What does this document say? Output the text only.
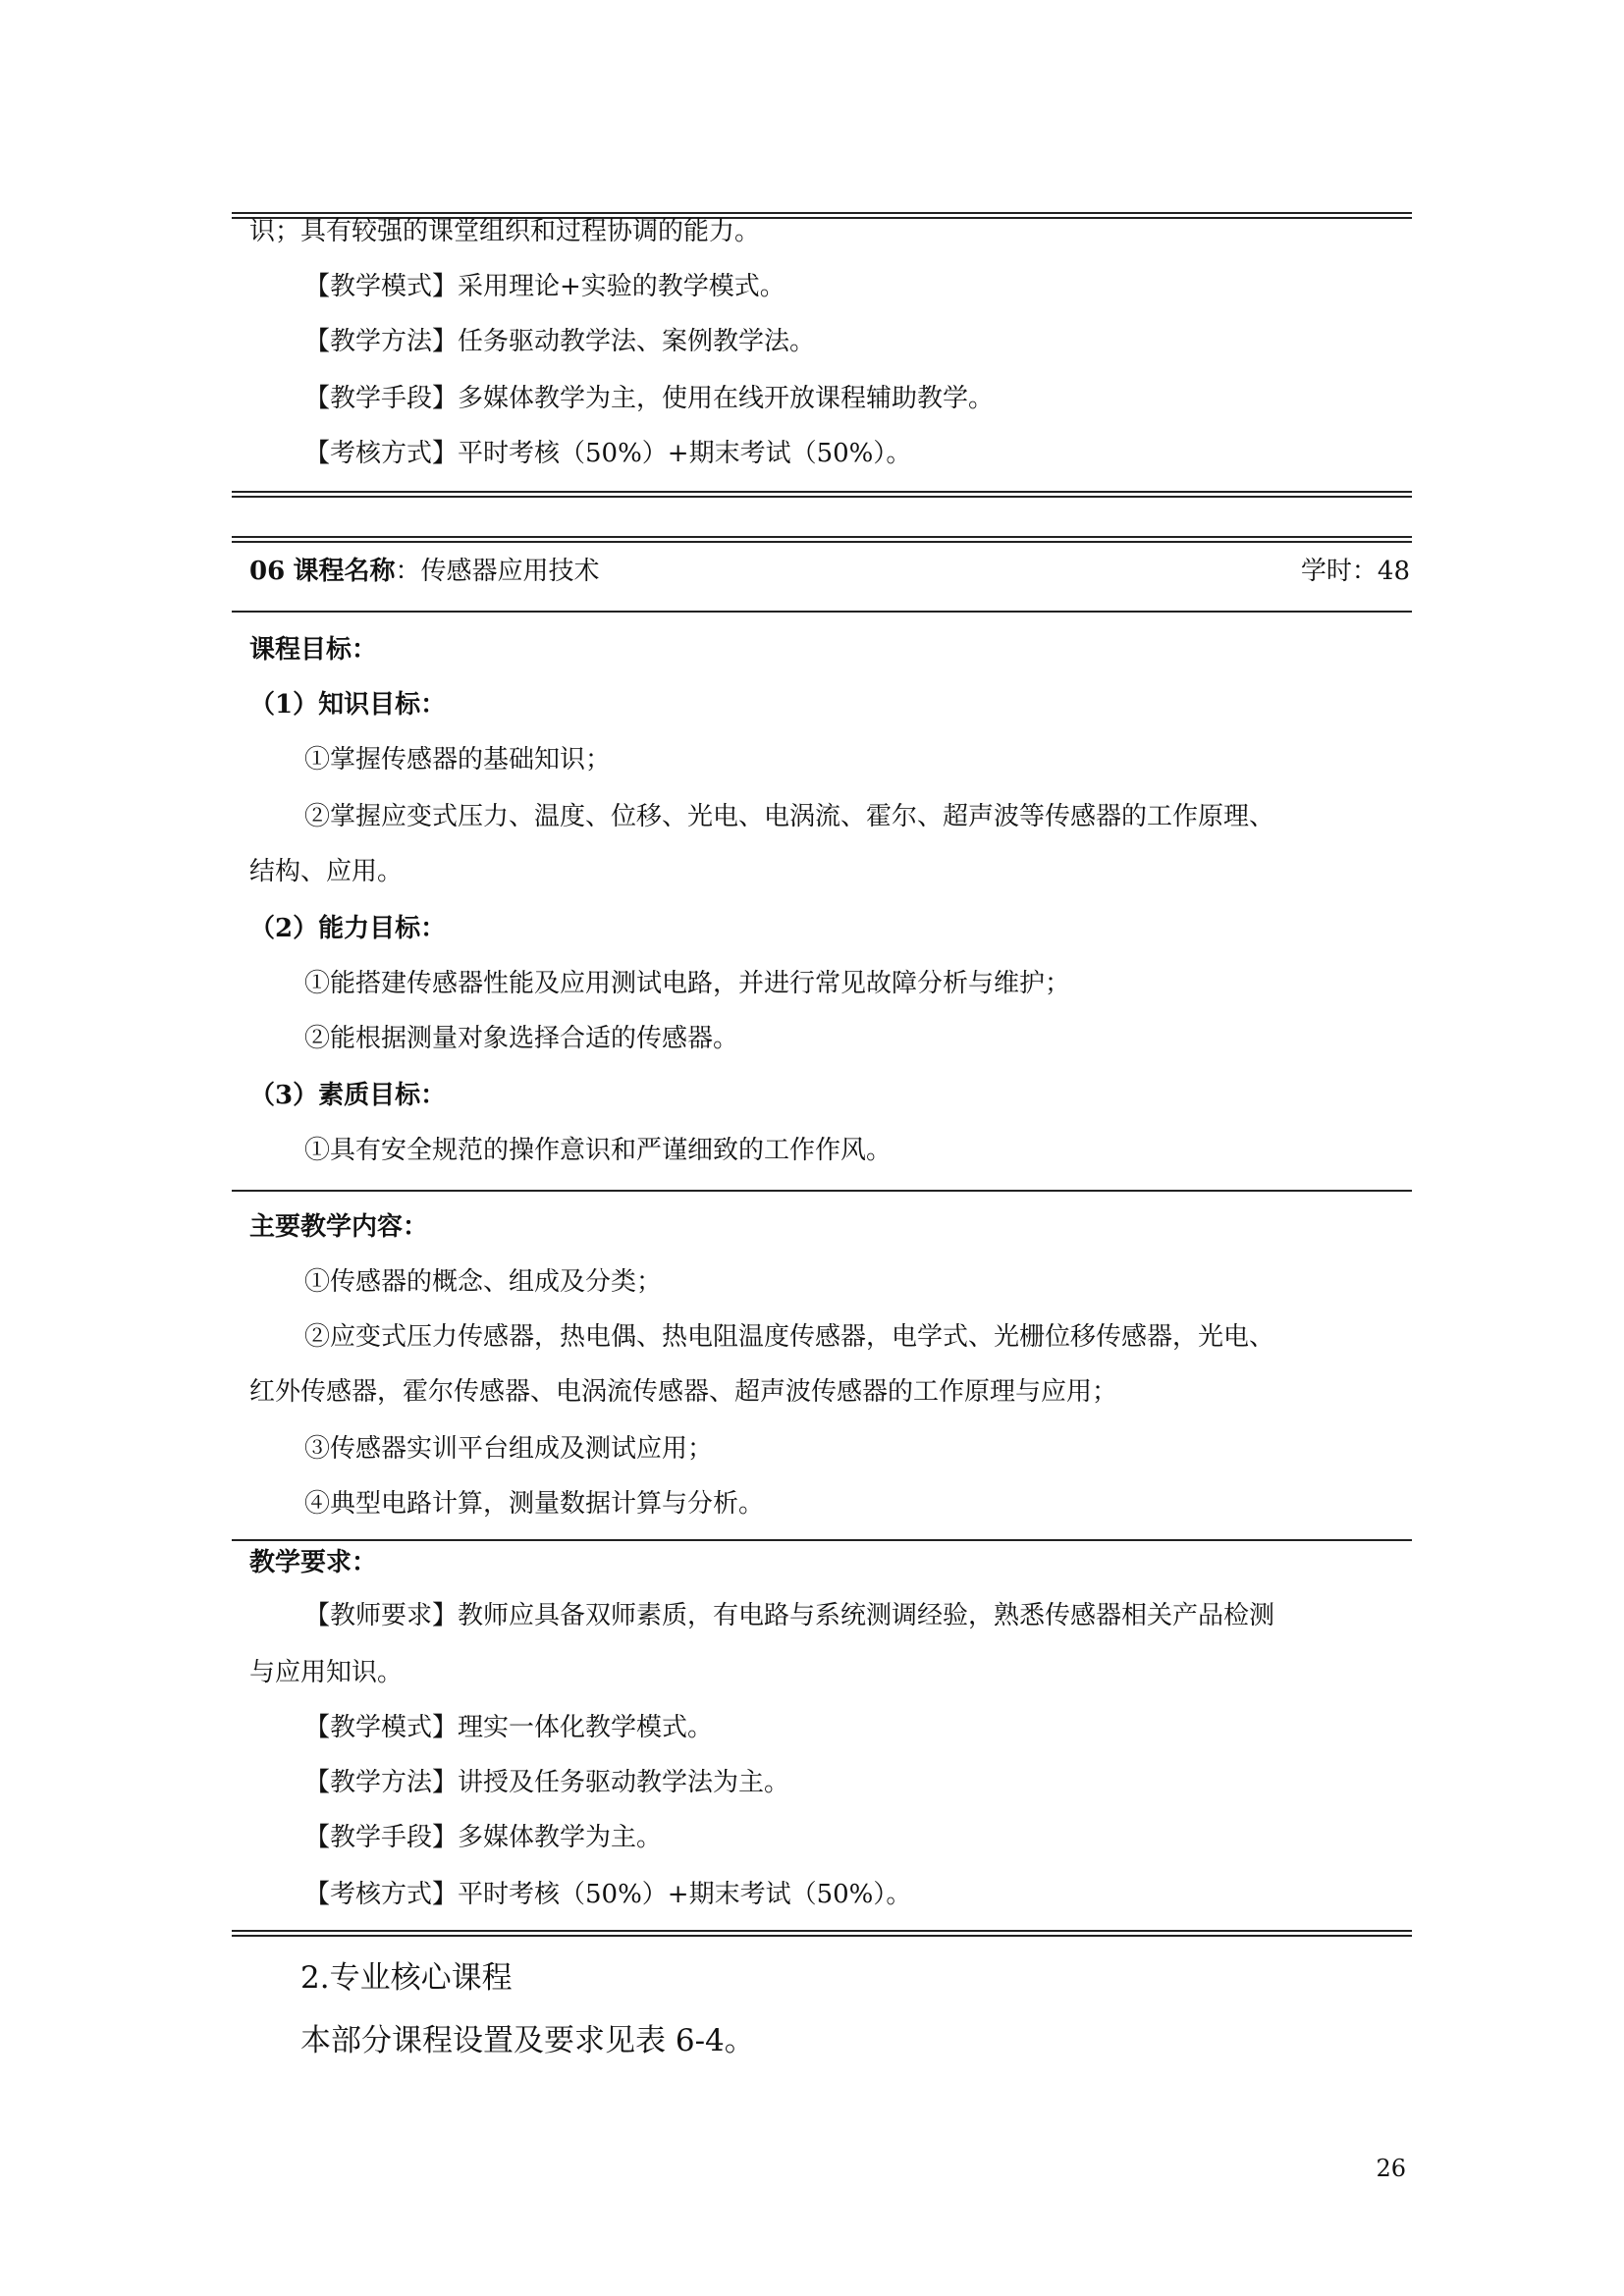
识；具有较强的课堂组织和过程协调的能力。
【教学模式】采用理论+实验的教学模式。
【教学方法】任务驱动教学法、案例教学法。
【教学手段】多媒体教学为主，使用在线开放课程辅助教学。
【考核方式】平时考核（50%）+期末考试（50%）。
06 课程名称：传感器应用技术	学时：48
课程目标：
（1）知识目标：
①掌握传感器的基础知识；
②掌握应变式压力、温度、位移、光电、电涡流、霍尔、超声波等传感器的工作原理、
结构、应用。
（2）能力目标：
①能搭建传感器性能及应用测试电路，并进行常见故障分析与维护；
②能根据测量对象选择合适的传感器。
（3）素质目标：
①具有安全规范的操作意识和严谨细致的工作作风。
主要教学内容：
①传感器的概念、组成及分类；
②应变式压力传感器，热电偶、热电阻温度传感器，电学式、光栅位移传感器，光电、
红外传感器，霍尔传感器、电涡流传感器、超声波传感器的工作原理与应用；
③传感器实训平台组成及测试应用；
④典型电路计算，测量数据计算与分析。
教学要求：
【教师要求】教师应具备双师素质，有电路与系统测调经验，熟悉传感器相关产品检测
与应用知识。
【教学模式】理实一体化教学模式。
【教学方法】讲授及任务驱动教学法为主。
【教学手段】多媒体教学为主。
【考核方式】平时考核（50%）+期末考试（50%）。
2.专业核心课程
本部分课程设置及要求见表 6-4。
26
